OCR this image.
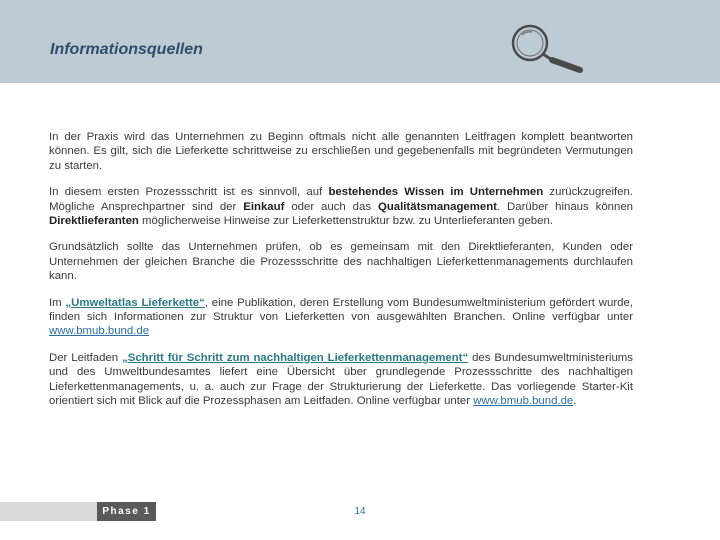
Informationsquellen

In der Praxis wird das Unternehmen zu Beginn oftmals nicht alle genannten Leitfragen komplett beantworten können. Es gilt, sich die Lieferkette schrittweise zu erschließen und gegebenenfalls mit begründeten Vermutungen zu starten.

In diesem ersten Prozessschritt ist es sinnvoll, auf bestehendes Wissen im Unternehmen zurückzugreifen. Mögliche Ansprechpartner sind der Einkauf oder auch das Qualitätsmanagement. Darüber hinaus können Direktlieferanten möglicherweise Hinweise zur Lieferkettenstruktur bzw. zu Unterlieferanten geben.

Grundsätzlich sollte das Unternehmen prüfen, ob es gemeinsam mit den Direktlieferanten, Kunden oder Unternehmen der gleichen Branche die Prozessschritte des nachhaltigen Lieferkettenmanagements durchlaufen kann.

Im „Umweltatlas Lieferkette“, eine Publikation, deren Erstellung vom Bundesumweltministerium gefördert wurde, finden sich Informationen zur Struktur von Lieferketten von ausgewählten Branchen. Online verfügbar unter www.bmub.bund.de

Der Leitfaden „Schritt für Schritt zum nachhaltigen Lieferkettenmanagement“ des Bundesumweltministeriums und des Umweltbundesamtes liefert eine Übersicht über grundlegende Prozessschritte des nachhaltigen Lieferkettenmanagements, u. a. auch zur Frage der Strukturierung der Lieferkette. Das vorliegende Starter-Kit orientiert sich mit Blick auf die Prozessphasen am Leitfaden. Online verfügbar unter www.bmub.bund.de.

Phase 1	14
